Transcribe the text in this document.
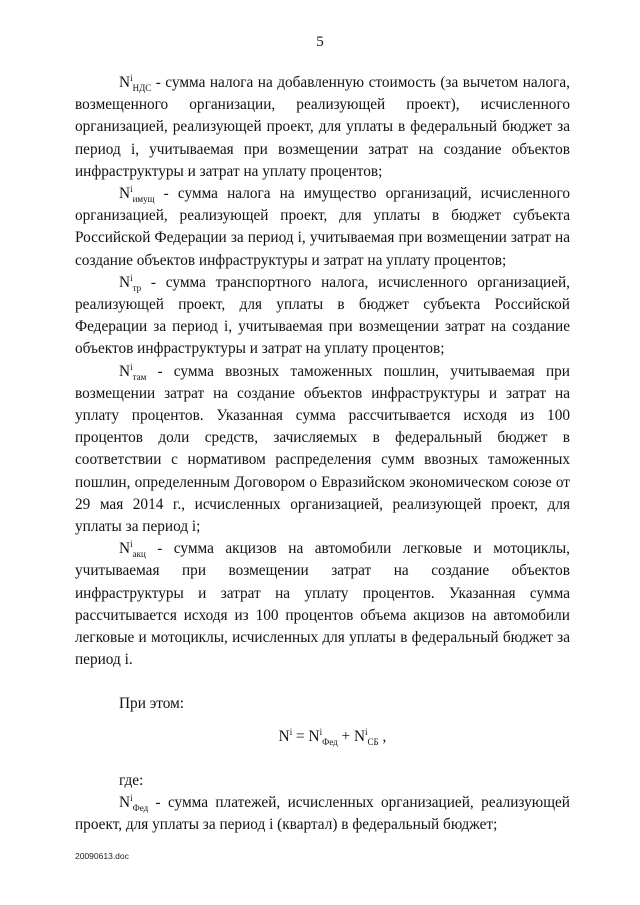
5

$N^i_{НДС}$ - сумма налога на добавленную стоимость (за вычетом налога, возмещенного организации, реализующей проект), исчисленного организацией, реализующей проект, для уплаты в федеральный бюджет за период i, учитываемая при возмещении затрат на создание объектов инфраструктуры и затрат на уплату процентов;

$N^i_{имущ}$ - сумма налога на имущество организаций, исчисленного организацией, реализующей проект, для уплаты в бюджет субъекта Российской Федерации за период i, учитываемая при возмещении затрат на создание объектов инфраструктуры и затрат на уплату процентов;

$N^i_{тр}$ - сумма транспортного налога, исчисленного организацией, реализующей проект, для уплаты в бюджет субъекта Российской Федерации за период i, учитываемая при возмещении затрат на создание объектов инфраструктуры и затрат на уплату процентов;

$N^i_{там}$ - сумма ввозных таможенных пошлин, учитываемая при возмещении затрат на создание объектов инфраструктуры и затрат на уплату процентов. Указанная сумма рассчитывается исходя из 100 процентов доли средств, зачисляемых в федеральный бюджет в соответствии с нормативом распределения сумм ввозных таможенных пошлин, определенным Договором о Евразийском экономическом союзе от 29 мая 2014 г., исчисленных организацией, реализующей проект, для уплаты за период i;

$N^i_{акц}$ - сумма акцизов на автомобили легковые и мотоциклы, учитываемая при возмещении затрат на создание объектов инфраструктуры и затрат на уплату процентов. Указанная сумма рассчитывается исходя из 100 процентов объема акцизов на автомобили легковые и мотоциклы, исчисленных для уплаты в федеральный бюджет за период i.

При этом:

$N^i = N^i_{Фед} + N^i_{СБ}$ ,

где:

$N^i_{Фед}$ - сумма платежей, исчисленных организацией, реализующей проект, для уплаты за период i (квартал) в федеральный бюджет;

20090613.doc
